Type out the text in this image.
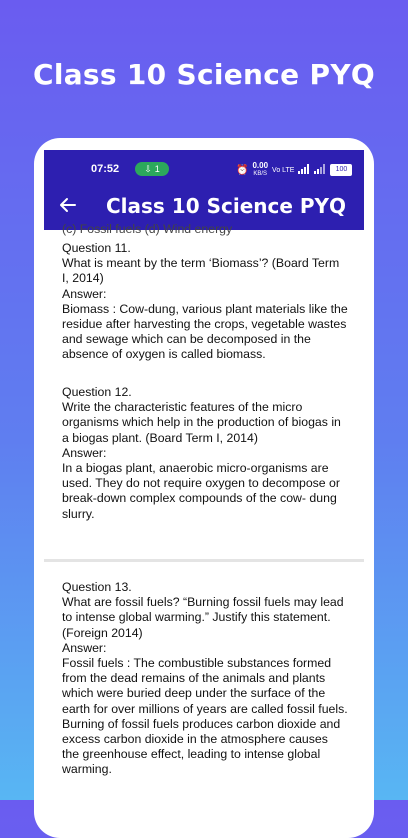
Class 10 Science PYQ
07:52	⇩ 1	⏰ 0.00
KB/S
Vo LTE	100
Class 10 Science PYQ
(c) Fossil fuels (d) Wind energy

Question 11.

What is meant by the term ‘Biomass’? (Board Term I, 2014)

Answer:

Biomass : Cow-dung, various plant materials like the residue after harvesting the crops, vegetable wastes and sewage which can be decomposed in the absence of oxygen is called biomass.

Question 12.

Write the characteristic features of the micro organisms which help in the production of biogas in a biogas plant. (Board Term I, 2014)

Answer:

In a biogas plant, anaerobic micro-organisms are used. They do not require oxygen to decompose or break-down complex compounds of the cow- dung slurry.

Question 13.

What are fossil fuels? “Burning fossil fuels may lead to intense global warming.” Justify this statement. (Foreign 2014)

Answer:

Fossil fuels : The combustible substances formed from the dead remains of the animals and plants which were buried deep under the surface of the earth for over millions of years are called fossil fuels. Burning of fossil fuels produces carbon dioxide and excess carbon dioxide in the atmosphere causes the greenhouse effect, leading to intense global warming.
